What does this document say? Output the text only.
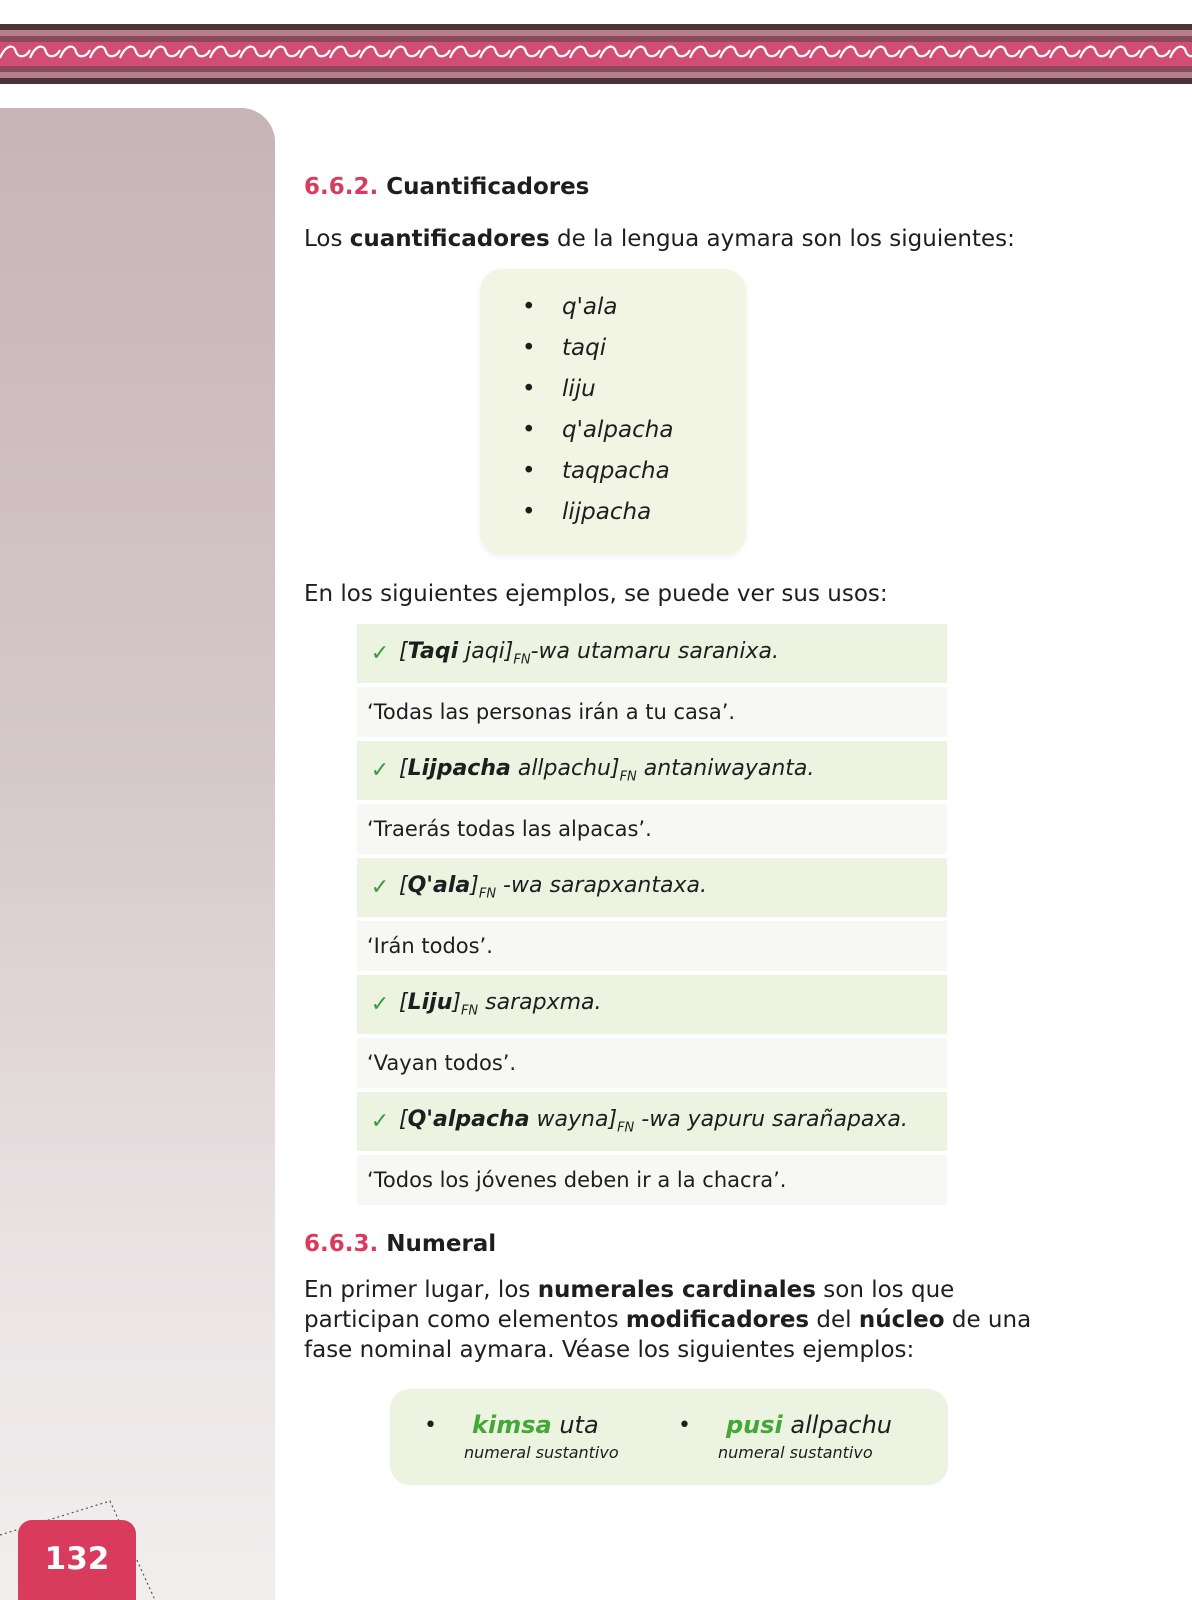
132
6.6.2. Cuantificadores

Los cuantificadores de la lengua aymara son los siguientes:

• q'ala
• taqi
• liju
• q'alpacha
• taqpacha
• lijpacha

En los siguientes ejemplos, se puede ver sus usos:

✓ [Taqi $jaqi]_{FN}-wa$ utamaru saranixa.
‘Todas las personas irán a tu casa’.
✓ [Lijpacha $allpachu]_{FN}$ antaniwayanta.
‘Traerás todas las alpacas’.
✓ $[Q'ala]_{FN}$ -wa sarapxantaxa.
‘Irán todos’.
✓ $[Liju]_{FN}$ sarapxma.
‘Vayan todos’.
✓ [Q'alpacha $wayna]_{FN}$ -wa yapuru sarañapaxa.
‘Todos los jóvenes deben ir a la chacra’.
6.6.3. Numeral

En primer lugar, los numerales cardinales son los que participan como elementos modificadores del núcleo de una fase nominal aymara. Véase los siguientes ejemplos:

• kimsa uta
numeral sustantivo
• pusi allpachu
numeral sustantivo
